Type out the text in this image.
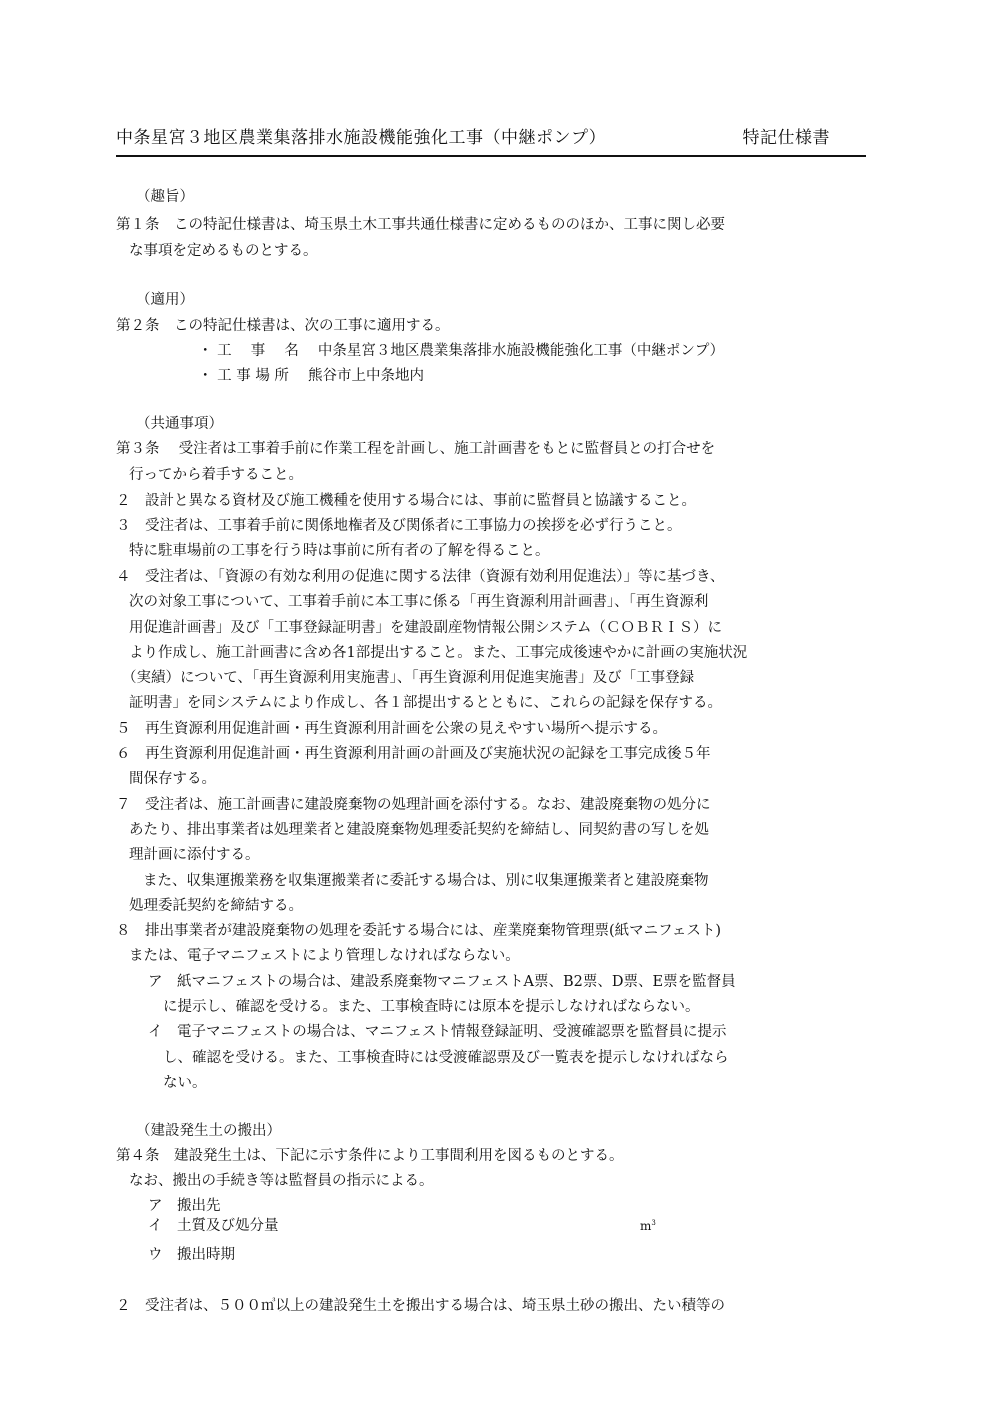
中条星宮３地区農業集落排水施設機能強化工事（中継ポンプ）	特記仕様書
（趣旨）
第１条　この特記仕様書は、埼玉県土木工事共通仕様書に定めるもののほか、工事に関し必要
な事項を定めるものとする。
（適用）
第２条　この特記仕様書は、次の工事に適用する。
・ 工　 事　 名　 中条星宮３地区農業集落排水施設機能強化工事（中継ポンプ）
・ 工 事 場 所　 熊谷市上中条地内
（共通事項）
第３条　 受注者は工事着手前に作業工程を計画し、施工計画書をもとに監督員との打合せを
行ってから着手すること。
２　設計と異なる資材及び施工機種を使用する場合には、事前に監督員と協議すること。
３　受注者は、工事着手前に関係地権者及び関係者に工事協力の挨拶を必ず行うこと。
特に駐車場前の工事を行う時は事前に所有者の了解を得ること。
４　受注者は、「資源の有効な利用の促進に関する法律（資源有効利用促進法）」等に基づき、
次の対象工事について、工事着手前に本工事に係る「再生資源利用計画書」、「再生資源利
用促進計画書」及び「工事登録証明書」を建設副産物情報公開システム（ＣＯＢＲＩＳ）に
より作成し、施工計画書に含め各1部提出すること。また、工事完成後速やかに計画の実施状況
（実績）について、「再生資源利用実施書」、「再生資源利用促進実施書」及び「工事登録
証明書」を同システムにより作成し、各１部提出するとともに、これらの記録を保存する。
５　再生資源利用促進計画・再生資源利用計画を公衆の見えやすい場所へ提示する。
６　再生資源利用促進計画・再生資源利用計画の計画及び実施状況の記録を工事完成後５年
間保存する。
７　受注者は、施工計画書に建設廃棄物の処理計画を添付する。なお、建設廃棄物の処分に
あたり、排出事業者は処理業者と建設廃棄物処理委託契約を締結し、同契約書の写しを処
理計画に添付する。
また、収集運搬業務を収集運搬業者に委託する場合は、別に収集運搬業者と建設廃棄物
処理委託契約を締結する。
８　排出事業者が建設廃棄物の処理を委託する場合には、産業廃棄物管理票(紙マニフェスト)
または、電子マニフェストにより管理しなければならない。
ア　紙マニフェストの場合は、建設系廃棄物マニフェストA票、B2票、D票、E票を監督員
に提示し、確認を受ける。また、工事検査時には原本を提示しなければならない。
イ　電子マニフェストの場合は、マニフェスト情報登録証明、受渡確認票を監督員に提示
し、確認を受ける。また、工事検査時には受渡確認票及び一覧表を提示しなければなら
ない。
（建設発生土の搬出）
第４条　建設発生土は、下記に示す条件により工事間利用を図るものとする。
なお、搬出の手続き等は監督員の指示による。
ア　搬出先
イ　土質及び処分量	$m^3$
ウ　搬出時期
２　受注者は、５００㎥以上の建設発生土を搬出する場合は、埼玉県土砂の搬出、たい積等の
